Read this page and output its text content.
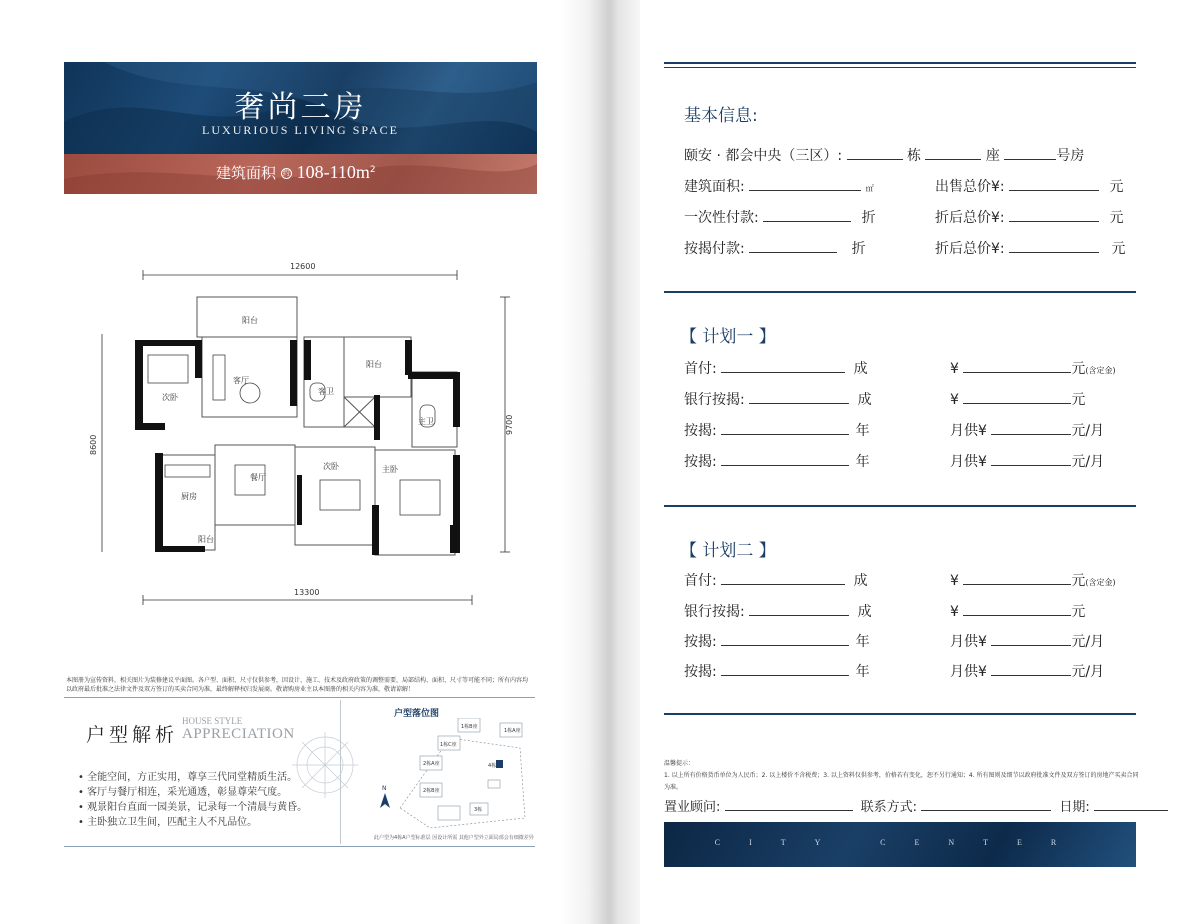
奢尚三房
LUXURIOUS LIVING SPACE
建筑面积 约 $108-110m^2$
12600
13300
8600
9700
阳台
客厅
阳台
客卫
次卧
主卫
餐厅
次卧	主卧
厨房
阳台
本图册为宣传资料，相关图片为装修建议平面图。各户型、面积、尺寸仅供参考，因设计、施工、技术及政府政策的调整需要，局部结构、面积、尺寸等可能不同；所有内容均以政府最后批准之法律文件及双方签订的买卖合同为准，最终解释权归发展商。敬请购房业主以本图册的相关内容为准，敬请谅解！
户型解析
HOUSE STYLE
APPRECIATION
• 全能空间，方正实用，尊享三代同堂精质生活。
• 客厅与餐厅相连，采光通透，彰显尊荣气度。
• 观景阳台直面一园美景，记录每一个清晨与黄昏。
• 主卧独立卫生间，匹配主人不凡品位。
户型落位图
1栋B座
1栋C座
1栋A座
2栋A座
2栋B座
3栋
4栋
N
此户型为4栋A户型标准层 因设计所需 其他户型外立面局部会有细微差异
基本信息:
颐安 · 都会中央（三区）:	栋	座	号房
建筑面积:	㎡	出售总价¥:	元
一次性付款:	折	折后总价¥:	元
按揭付款:	折	折后总价¥:	元
【 计划一 】
首付:	成	¥	元(含定金)
银行按揭:	成	¥	元
按揭:	年	月供¥	元/月
按揭:	年	月供¥	元/月
【 计划二 】
首付:	成	¥	元(含定金)
银行按揭:	成	¥	元
按揭:	年	月供¥	元/月
按揭:	年	月供¥	元/月
温馨提示：
1. 以上所有价格货币单位为人民币；2. 以上楼价不含税费；3. 以上资料仅供参考，价格若有变化，恕不另行通知；4. 所有图则及细节以政府批准文件及双方签订的房地产买卖合同为准。
置业顾问:	联系方式:	日期:
CITY CENTER
